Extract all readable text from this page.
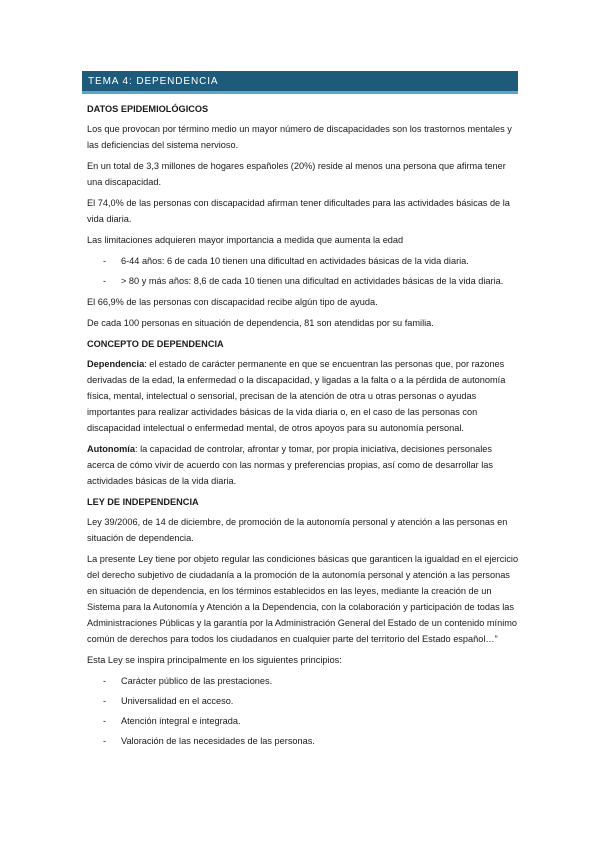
TEMA 4: DEPENDENCIA
DATOS EPIDEMIOLÓGICOS

Los que provocan por término medio un mayor número de discapacidades son los trastornos mentales y las deficiencias del sistema nervioso.

En un total de 3,3 millones de hogares españoles (20%) reside al menos una persona que afirma tener una discapacidad.

El 74,0% de las personas con discapacidad afirman tener dificultades para las actividades básicas de la vida diaria.

Las limitaciones adquieren mayor importancia a medida que aumenta la edad

- 6-44 años: 6 de cada 10 tienen una dificultad en actividades básicas de la vida diaria.
- > 80 y más años: 8,6 de cada 10 tienen una dificultad en actividades básicas de la vida diaria.

El 66,9% de las personas con discapacidad recibe algún tipo de ayuda.

De cada 100 personas en situación de dependencia, 81 son atendidas por su familia.

CONCEPTO DE DEPENDENCIA

Dependencia: el estado de carácter permanente en que se encuentran las personas que, por razones derivadas de la edad, la enfermedad o la discapacidad, y ligadas a la falta o a la pérdida de autonomía física, mental, intelectual o sensorial, precisan de la atención de otra u otras personas o ayudas importantes para realizar actividades básicas de la vida diaria o, en el caso de las personas con discapacidad intelectual o enfermedad mental, de otros apoyos para su autonomía personal.

Autonomía: la capacidad de controlar, afrontar y tomar, por propia iniciativa, decisiones personales acerca de cómo vivir de acuerdo con las normas y preferencias propias, así como de desarrollar las actividades básicas de la vida diaria.

LEY DE INDEPENDENCIA

Ley 39/2006, de 14 de diciembre, de promoción de la autonomía personal y atención a las personas en situación de dependencia.

La presente Ley tiene por objeto regular las condiciones básicas que garanticen la igualdad en el ejercicio del derecho subjetivo de ciudadanía a la promoción de la autonomía personal y atención a las personas en situación de dependencia, en los términos establecidos en las leyes, mediante la creación de un Sistema para la Autonomía y Atención a la Dependencia, con la colaboración y participación de todas las Administraciones Públicas y la garantía por la Administración General del Estado de un contenido mínimo común de derechos para todos los ciudadanos en cualquier parte del territorio del Estado español…”

Esta Ley se inspira principalmente en los siguientes principios:

- Carácter público de las prestaciones.
- Universalidad en el acceso.
- Atención integral e integrada.
- Valoración de las necesidades de las personas.
